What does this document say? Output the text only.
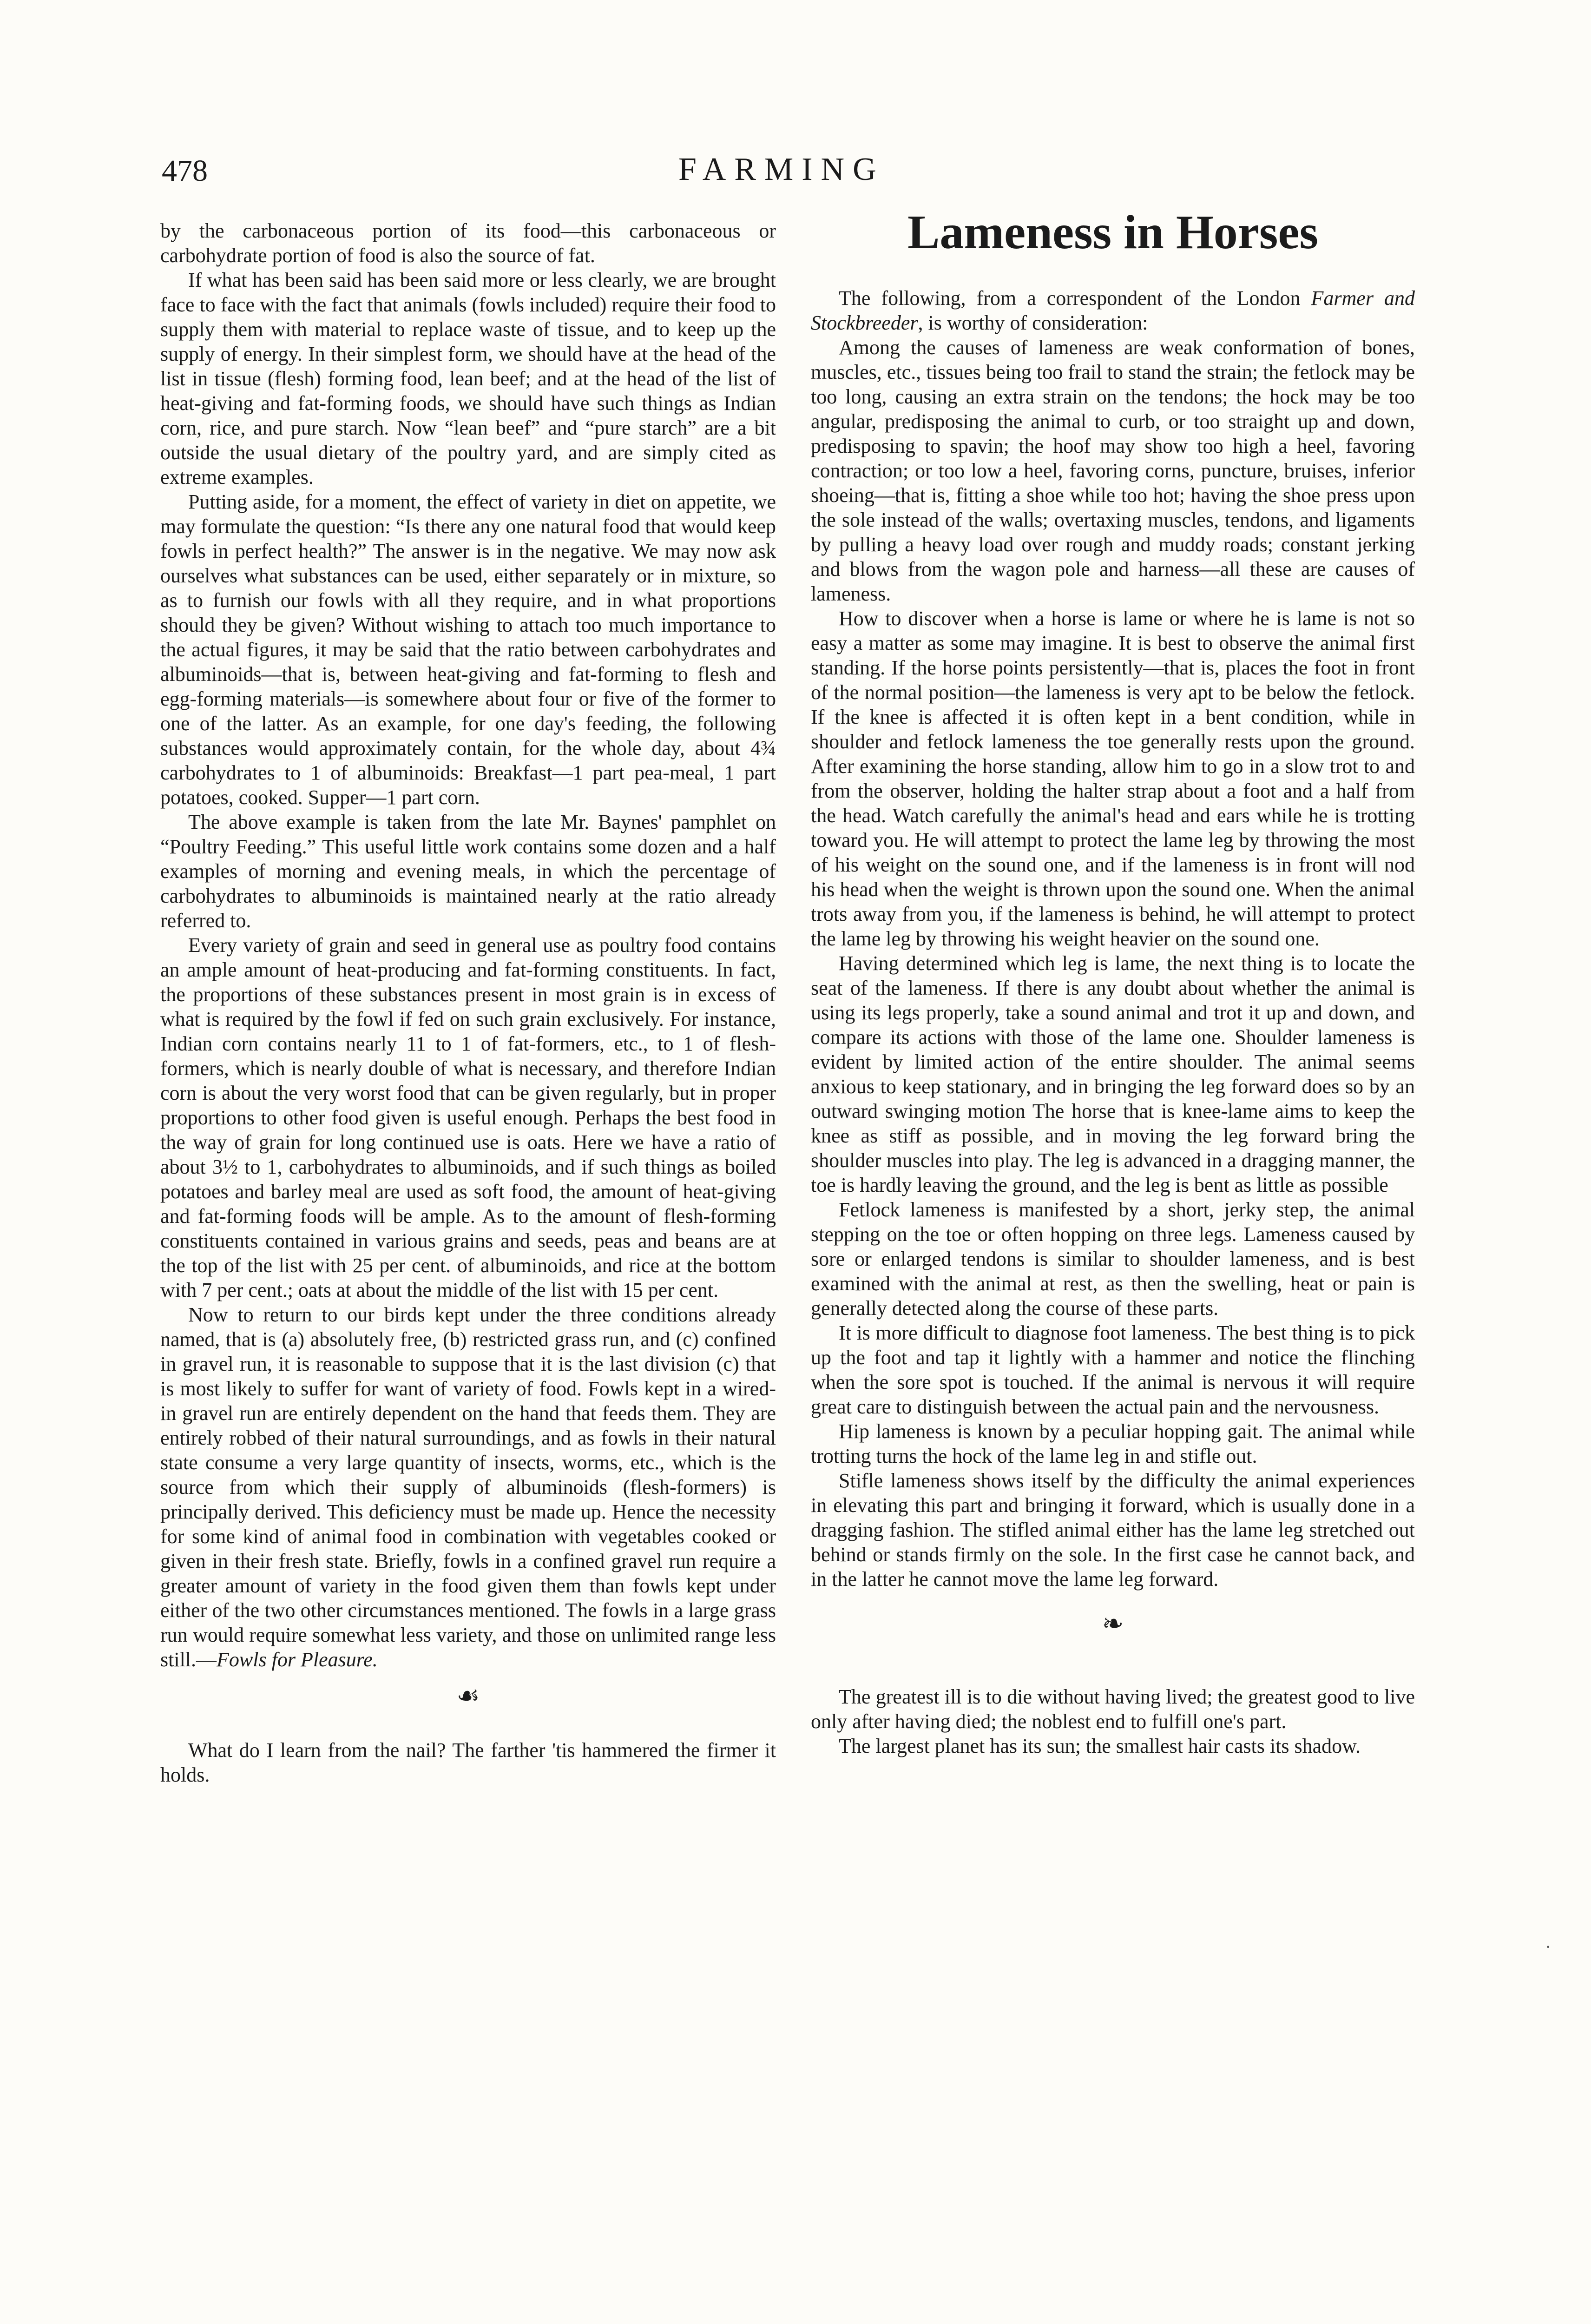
478	FARMING

by the carbonaceous portion of its food—this carbonaceous or carbohydrate portion of food is also the source of fat.

If what has been said has been said more or less clearly, we are brought face to face with the fact that animals (fowls included) require their food to supply them with material to replace waste of tissue, and to keep up the supply of energy. In their simplest form, we should have at the head of the list in tissue (flesh) forming food, lean beef; and at the head of the list of heat-giving and fat-forming foods, we should have such things as Indian corn, rice, and pure starch. Now “lean beef” and “pure starch” are a bit outside the usual dietary of the poultry yard, and are simply cited as extreme examples.

Putting aside, for a moment, the effect of variety in diet on appetite, we may formulate the question: “Is there any one natural food that would keep fowls in perfect health?” The answer is in the negative. We may now ask ourselves what substances can be used, either separately or in mixture, so as to furnish our fowls with all they require, and in what proportions should they be given? Without wishing to attach too much importance to the actual figures, it may be said that the ratio between carbohydrates and albuminoids—that is, between heat-giving and fat-forming to flesh and egg-forming materials—is somewhere about four or five of the former to one of the latter. As an example, for one day's feeding, the following substances would approximately contain, for the whole day, about 4¾ carbohydrates to 1 of albuminoids: Breakfast—1 part pea-meal, 1 part potatoes, cooked. Supper—1 part corn.

The above example is taken from the late Mr. Baynes' pamphlet on “Poultry Feeding.” This useful little work contains some dozen and a half examples of morning and evening meals, in which the percentage of carbohydrates to albuminoids is maintained nearly at the ratio already referred to.

Every variety of grain and seed in general use as poultry food contains an ample amount of heat-producing and fat-forming constituents. In fact, the proportions of these substances present in most grain is in excess of what is required by the fowl if fed on such grain exclusively. For instance, Indian corn contains nearly 11 to 1 of fat-formers, etc., to 1 of flesh-formers, which is nearly double of what is necessary, and therefore Indian corn is about the very worst food that can be given regularly, but in proper proportions to other food given is useful enough. Perhaps the best food in the way of grain for long continued use is oats. Here we have a ratio of about 3½ to 1, carbohydrates to albuminoids, and if such things as boiled potatoes and barley meal are used as soft food, the amount of heat-giving and fat-forming foods will be ample. As to the amount of flesh-forming constituents contained in various grains and seeds, peas and beans are at the top of the list with 25 per cent. of albuminoids, and rice at the bottom with 7 per cent.; oats at about the middle of the list with 15 per cent.

Now to return to our birds kept under the three conditions already named, that is (a) absolutely free, (b) restricted grass run, and (c) confined in gravel run, it is reasonable to suppose that it is the last division (c) that is most likely to suffer for want of variety of food. Fowls kept in a wired-in gravel run are entirely dependent on the hand that feeds them. They are entirely robbed of their natural surroundings, and as fowls in their natural state consume a very large quantity of insects, worms, etc., which is the source from which their supply of albuminoids (flesh-formers) is principally derived. This deficiency must be made up. Hence the necessity for some kind of animal food in combination with vegetables cooked or given in their fresh state. Briefly, fowls in a confined gravel run require a greater amount of variety in the food given them than fowls kept under either of the two other circumstances mentioned. The fowls in a large grass run would require somewhat less variety, and those on unlimited range less still.—Fowls for Pleasure.

☙

What do I learn from the nail? The farther 'tis hammered the firmer it holds.

Lameness in Horses

The following, from a correspondent of the London Farmer and Stockbreeder, is worthy of consideration:

Among the causes of lameness are weak conformation of bones, muscles, etc., tissues being too frail to stand the strain; the fetlock may be too long, causing an extra strain on the tendons; the hock may be too angular, predisposing the animal to curb, or too straight up and down, predisposing to spavin; the hoof may show too high a heel, favoring contraction; or too low a heel, favoring corns, puncture, bruises, inferior shoeing—that is, fitting a shoe while too hot; having the shoe press upon the sole instead of the walls; overtaxing muscles, tendons, and ligaments by pulling a heavy load over rough and muddy roads; constant jerking and blows from the wagon pole and harness—all these are causes of lameness.

How to discover when a horse is lame or where he is lame is not so easy a matter as some may imagine. It is best to observe the animal first standing. If the horse points persistently—that is, places the foot in front of the normal position—the lameness is very apt to be below the fetlock. If the knee is affected it is often kept in a bent condition, while in shoulder and fetlock lameness the toe generally rests upon the ground. After examining the horse standing, allow him to go in a slow trot to and from the observer, holding the halter strap about a foot and a half from the head. Watch carefully the animal's head and ears while he is trotting toward you. He will attempt to protect the lame leg by throwing the most of his weight on the sound one, and if the lameness is in front will nod his head when the weight is thrown upon the sound one. When the animal trots away from you, if the lameness is behind, he will attempt to protect the lame leg by throwing his weight heavier on the sound one.

Having determined which leg is lame, the next thing is to locate the seat of the lameness. If there is any doubt about whether the animal is using its legs properly, take a sound animal and trot it up and down, and compare its actions with those of the lame one. Shoulder lameness is evident by limited action of the entire shoulder. The animal seems anxious to keep stationary, and in bringing the leg forward does so by an outward swinging motion The horse that is knee-lame aims to keep the knee as stiff as possible, and in moving the leg forward bring the shoulder muscles into play. The leg is advanced in a dragging manner, the toe is hardly leaving the ground, and the leg is bent as little as possible

Fetlock lameness is manifested by a short, jerky step, the animal stepping on the toe or often hopping on three legs. Lameness caused by sore or enlarged tendons is similar to shoulder lameness, and is best examined with the animal at rest, as then the swelling, heat or pain is generally detected along the course of these parts.

It is more difficult to diagnose foot lameness. The best thing is to pick up the foot and tap it lightly with a hammer and notice the flinching when the sore spot is touched. If the animal is nervous it will require great care to distinguish between the actual pain and the nervousness.

Hip lameness is known by a peculiar hopping gait. The animal while trotting turns the hock of the lame leg in and stifle out.

Stifle lameness shows itself by the difficulty the animal experiences in elevating this part and bringing it forward, which is usually done in a dragging fashion. The stifled animal either has the lame leg stretched out behind or stands firmly on the sole. In the first case he cannot back, and in the latter he cannot move the lame leg forward.

❧

The greatest ill is to die without having lived; the greatest good to live only after having died; the noblest end to fulfill one's part.

The largest planet has its sun; the smallest hair casts its shadow.

·
